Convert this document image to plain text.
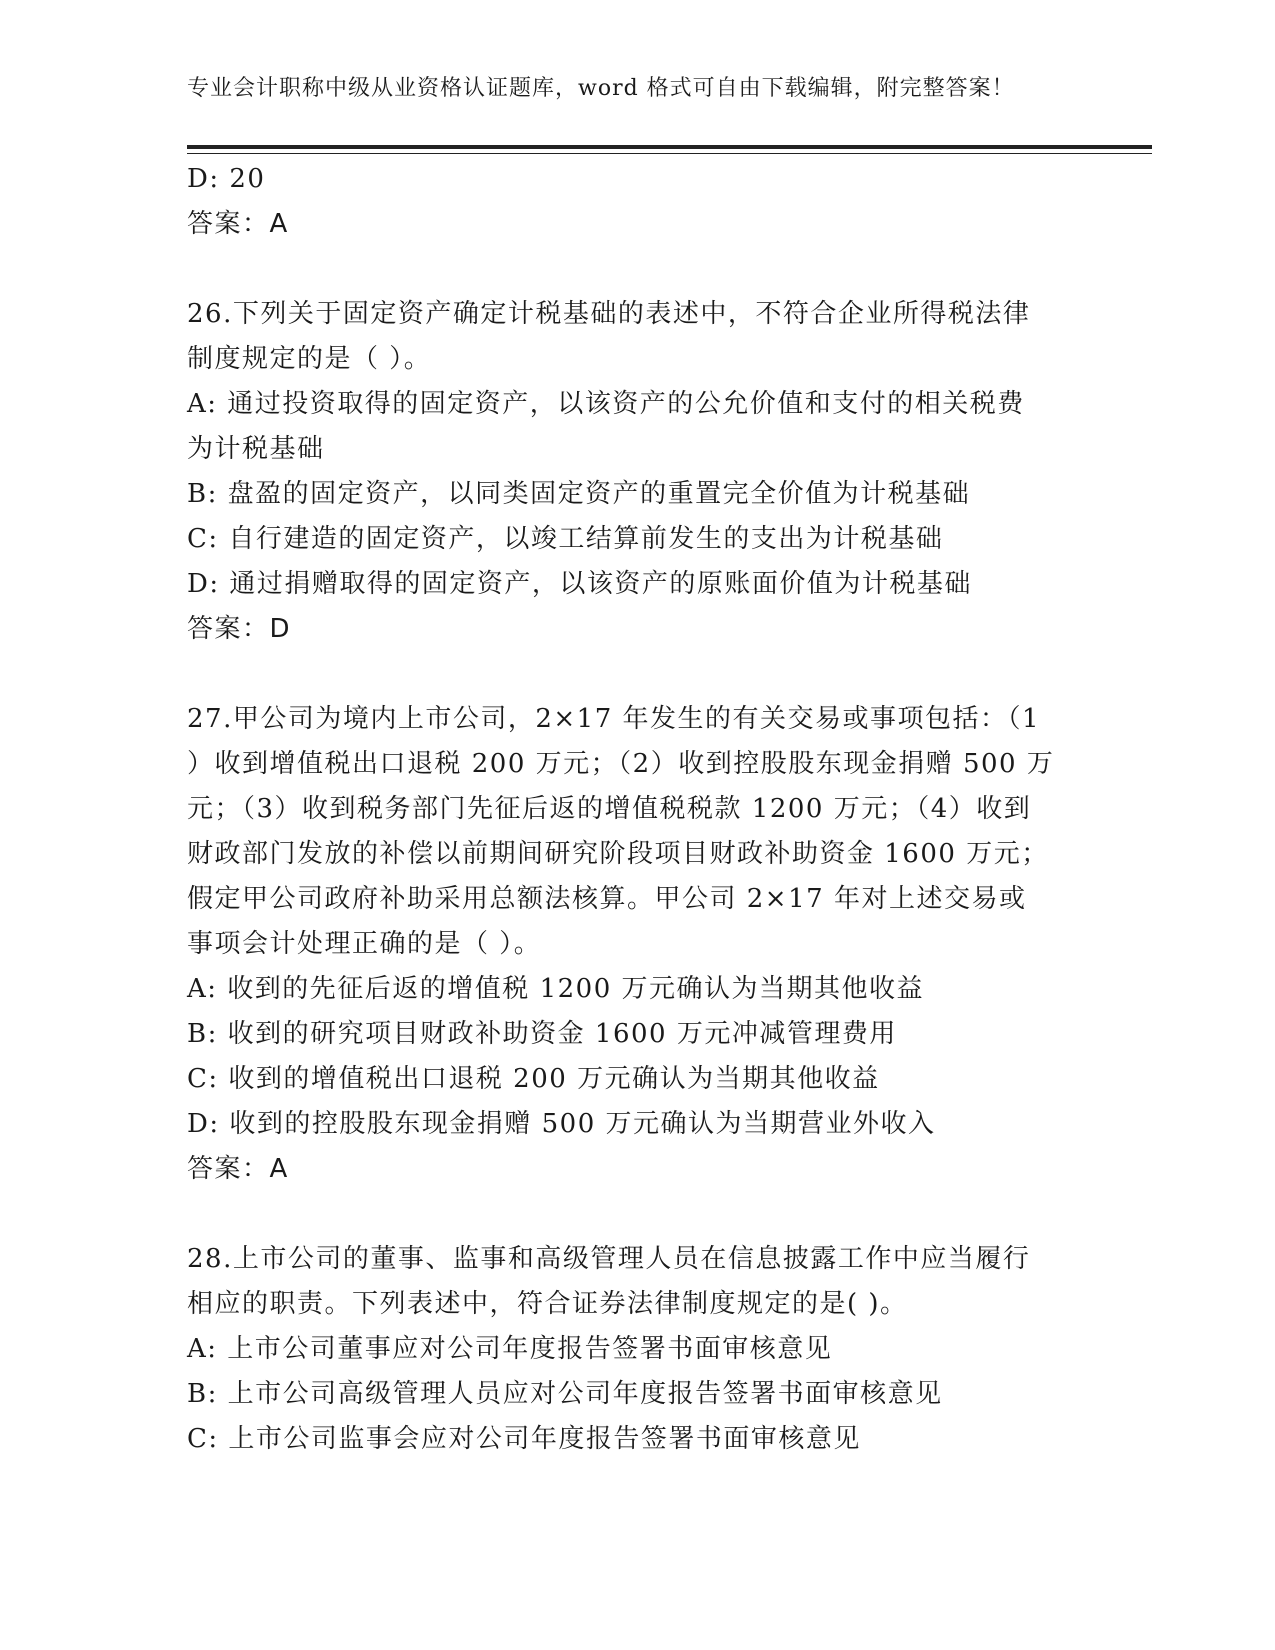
专业会计职称中级从业资格认证题库，word 格式可自由下载编辑，附完整答案！
D: 20
答案：A
26.下列关于固定资产确定计税基础的表述中，不符合企业所得税法律
制度规定的是（ ）。
A: 通过投资取得的固定资产，以该资产的公允价值和支付的相关税费
为计税基础
B: 盘盈的固定资产，以同类固定资产的重置完全价值为计税基础
C: 自行建造的固定资产，以竣工结算前发生的支出为计税基础
D: 通过捐赠取得的固定资产，以该资产的原账面价值为计税基础
答案：D
27.甲公司为境内上市公司，2×17 年发生的有关交易或事项包括：（1
）收到增值税出口退税 200 万元；（2）收到控股股东现金捐赠 500 万
元；（3）收到税务部门先征后返的增值税税款 1200 万元；（4）收到
财政部门发放的补偿以前期间研究阶段项目财政补助资金 1600 万元；
假定甲公司政府补助采用总额法核算。甲公司 2×17 年对上述交易或
事项会计处理正确的是（ ）。
A: 收到的先征后返的增值税 1200 万元确认为当期其他收益
B: 收到的研究项目财政补助资金 1600 万元冲减管理费用
C: 收到的增值税出口退税 200 万元确认为当期其他收益
D: 收到的控股股东现金捐赠 500 万元确认为当期营业外收入
答案：A
28.上市公司的董事、监事和高级管理人员在信息披露工作中应当履行
相应的职责。下列表述中，符合证券法律制度规定的是( )。
A: 上市公司董事应对公司年度报告签署书面审核意见
B: 上市公司高级管理人员应对公司年度报告签署书面审核意见
C: 上市公司监事会应对公司年度报告签署书面审核意见
